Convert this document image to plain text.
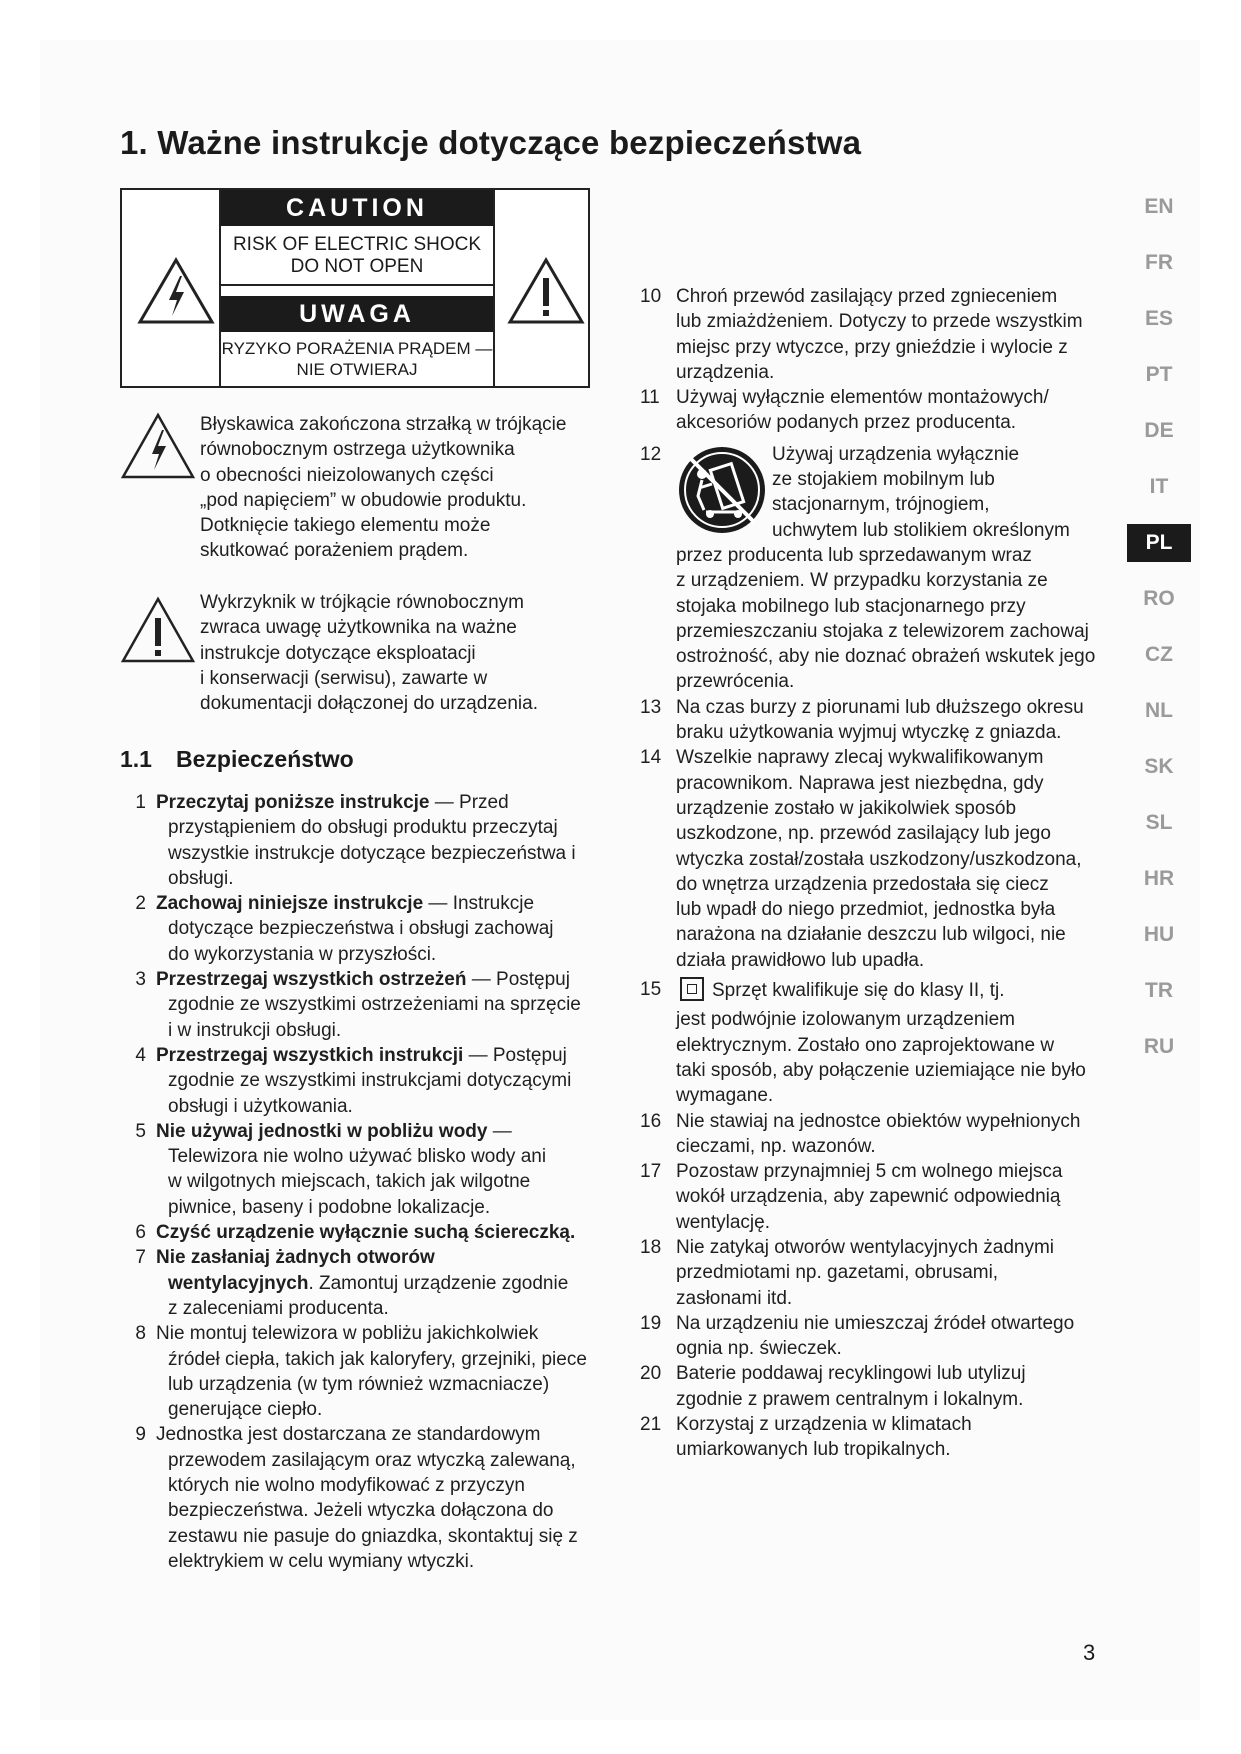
1. Ważne instrukcje dotyczące bezpieczeństwa
CAUTION
RISK OF ELECTRIC SHOCK
DO NOT OPEN
UWAGA
RYZYKO PORAŻENIA PRĄDEM —
NIE OTWIERAJ
Błyskawica zakończona strzałką w trójkącie
równobocznym ostrzega użytkownika
o obecności nieizolowanych części
„pod napięciem” w obudowie produktu.
Dotknięcie takiego elementu może
skutkować porażeniem prądem.
Wykrzyknik w trójkącie równobocznym
zwraca uwagę użytkownika na ważne
instrukcje dotyczące eksploatacji
i konserwacji (serwisu), zawarte w
dokumentacji dołączonej do urządzenia.
1.1 Bezpieczeństwo
1 Przeczytaj poniższe instrukcje — Przed
przystąpieniem do obsługi produktu przeczytaj
wszystkie instrukcje dotyczące bezpieczeństwa i
obsługi.
2 Zachowaj niniejsze instrukcje — Instrukcje
dotyczące bezpieczeństwa i obsługi zachowaj
do wykorzystania w przyszłości.
3 Przestrzegaj wszystkich ostrzeżeń — Postępuj
zgodnie ze wszystkimi ostrzeżeniami na sprzęcie
i w instrukcji obsługi.
4 Przestrzegaj wszystkich instrukcji — Postępuj
zgodnie ze wszystkimi instrukcjami dotyczącymi
obsługi i użytkowania.
5 Nie używaj jednostki w pobliżu wody —
Telewizora nie wolno używać blisko wody ani
w wilgotnych miejscach, takich jak wilgotne
piwnice, baseny i podobne lokalizacje.
6 Czyść urządzenie wyłącznie suchą ściereczką.
7 Nie zasłaniaj żadnych otworów
wentylacyjnych. Zamontuj urządzenie zgodnie
z zaleceniami producenta.
8 Nie montuj telewizora w pobliżu jakichkolwiek
źródeł ciepła, takich jak kaloryfery, grzejniki, piece
lub urządzenia (w tym również wzmacniacze)
generujące ciepło.
9 Jednostka jest dostarczana ze standardowym
przewodem zasilającym oraz wtyczką zalewaną,
których nie wolno modyfikować z przyczyn
bezpieczeństwa. Jeżeli wtyczka dołączona do
zestawu nie pasuje do gniazdka, skontaktuj się z
elektrykiem w celu wymiany wtyczki.
10 Chroń przewód zasilający przed zgnieceniem
lub zmiażdżeniem. Dotyczy to przede wszystkim
miejsc przy wtyczce, przy gnieździe i wylocie z
urządzenia.
11 Używaj wyłącznie elementów montażowych/
akcesoriów podanych przez producenta.
12	Używaj urządzenia wyłącznie
ze stojakiem mobilnym lub
stacjonarnym, trójnogiem,
uchwytem lub stolikiem określonym
przez producenta lub sprzedawanym wraz
z urządzeniem. W przypadku korzystania ze
stojaka mobilnego lub stacjonarnego przy
przemieszczaniu stojaka z telewizorem zachowaj
ostrożność, aby nie doznać obrażeń wskutek jego
przewrócenia.
13 Na czas burzy z piorunami lub dłuższego okresu
braku użytkowania wyjmuj wtyczkę z gniazda.
14 Wszelkie naprawy zlecaj wykwalifikowanym
pracownikom. Naprawa jest niezbędna, gdy
urządzenie zostało w jakikolwiek sposób
uszkodzone, np. przewód zasilający lub jego
wtyczka został/została uszkodzony/uszkodzona,
do wnętrza urządzenia przedostała się ciecz
lub wpadł do niego przedmiot, jednostka była
narażona na działanie deszczu lub wilgoci, nie
działa prawidłowo lub upadła.
15	Sprzęt kwalifikuje się do klasy II, tj.
jest podwójnie izolowanym urządzeniem
elektrycznym. Zostało ono zaprojektowane w
taki sposób, aby połączenie uziemiające nie było
wymagane.
16 Nie stawiaj na jednostce obiektów wypełnionych
cieczami, np. wazonów.
17 Pozostaw przynajmniej 5 cm wolnego miejsca
wokół urządzenia, aby zapewnić odpowiednią
wentylację.
18 Nie zatykaj otworów wentylacyjnych żadnymi
przedmiotami np. gazetami, obrusami,
zasłonami itd.
19 Na urządzeniu nie umieszczaj źródeł otwartego
ognia np. świeczek.
20 Baterie poddawaj recyklingowi lub utylizuj
zgodnie z prawem centralnym i lokalnym.
21 Korzystaj z urządzenia w klimatach
umiarkowanych lub tropikalnych.
EN
FR
ES
PT
DE
IT
PL
RO
CZ
NL
SK
SL
HR
HU
TR
RU
3
